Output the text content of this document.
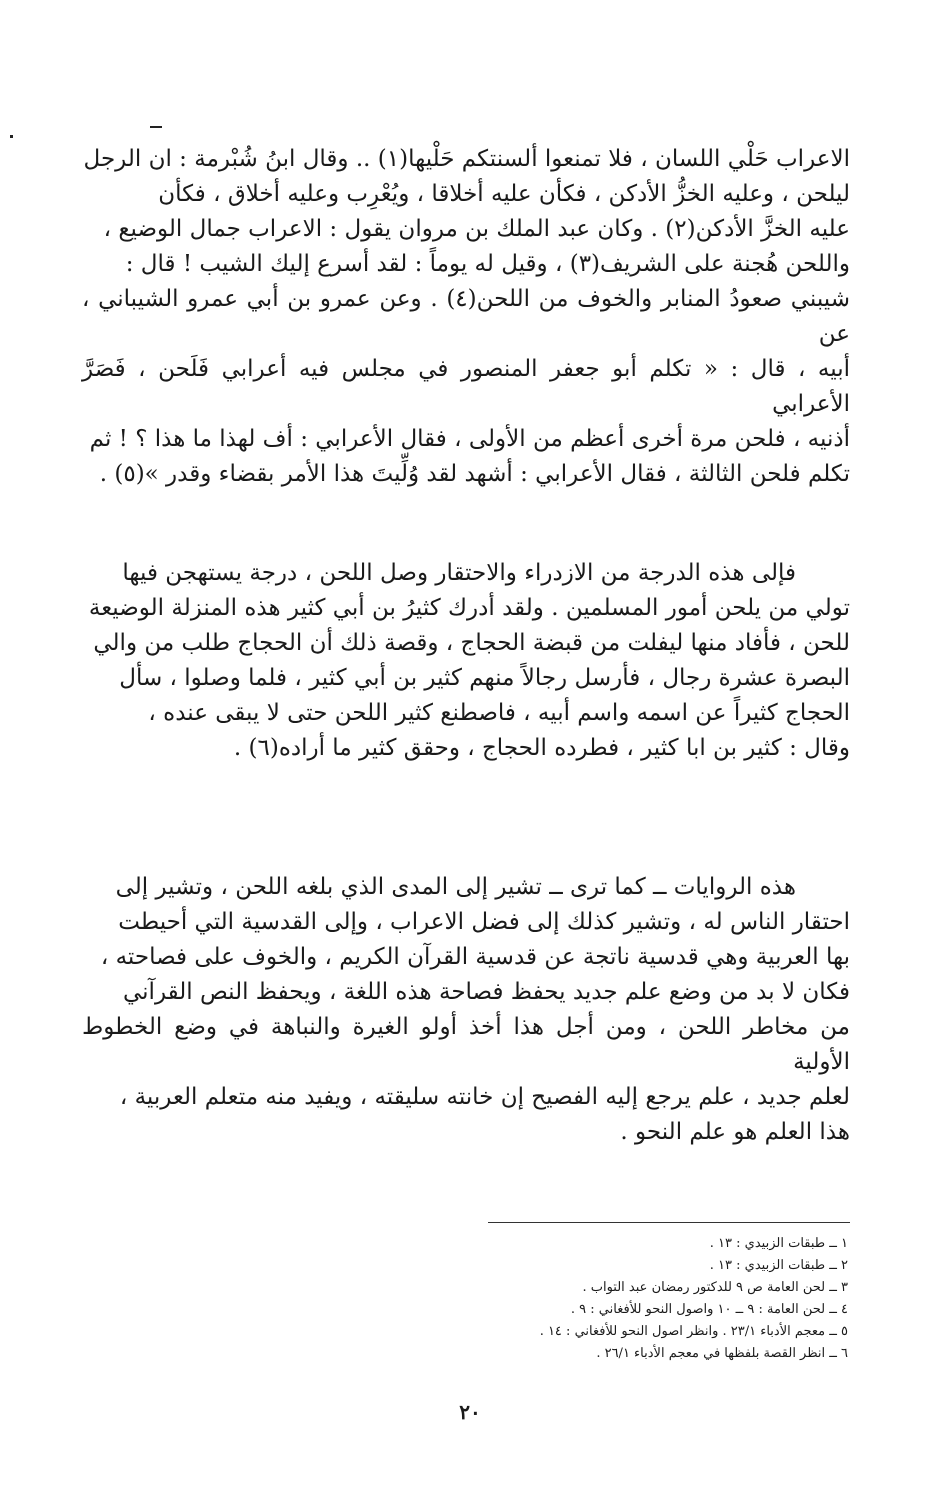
الاعراب حَلْي اللسان ، فلا تمنعوا ألسنتكم حَلْيها(١) .. وقال ابنُ شُبْرمة : ان الرجل
ليلحن ، وعليه الخزُّ الأدكن ، فكأن عليه أخلاقا ، ويُعْرِب وعليه أخلاق ، فكأن
عليه الخزَّ الأدكن(٢) . وكان عبد الملك بن مروان يقول : الاعراب جمال الوضيع ،
واللحن هُجنة على الشريف(٣) ، وقيل له يوماً : لقد أسرع إليك الشيب ! قال :
شيبني صعودُ المنابر والخوف من اللحن(٤) . وعن عمرو بن أبي عمرو الشيباني ، عن
أبيه ، قال : « تكلم أبو جعفر المنصور في مجلس فيه أعرابي فَلَحن ، فَصَرَّ الأعرابي
أذنيه ، فلحن مرة أخرى أعظم من الأولى ، فقال الأعرابي : أف لهذا ما هذا ؟ ! ثم
تكلم فلحن الثالثة ، فقال الأعرابي : أشهد لقد وُلِّيتَ هذا الأمر بقضاء وقدر »(٥) .

فإلى هذه الدرجة من الازدراء والاحتقار وصل اللحن ، درجة يستهجن فيها
تولي من يلحن أمور المسلمين . ولقد أدرك كثيرُ بن أبي كثير هذه المنزلة الوضيعة
للحن ، فأفاد منها ليفلت من قبضة الحجاج ، وقصة ذلك أن الحجاج طلب من والي
البصرة عشرة رجال ، فأرسل رجالاً منهم كثير بن أبي كثير ، فلما وصلوا ، سأل
الحجاج كثيراً عن اسمه واسم أبيه ، فاصطنع كثير اللحن حتى لا يبقى عنده ،
وقال : كثير بن ابا كثير ، فطرده الحجاج ، وحقق كثير ما أراده(٦) .

هذه الروايات ــ كما ترى ــ تشير إلى المدى الذي بلغه اللحن ، وتشير إلى
احتقار الناس له ، وتشير كذلك إلى فضل الاعراب ، وإلى القدسية التي أحيطت
بها العربية وهي قدسية ناتجة عن قدسية القرآن الكريم ، والخوف على فصاحته ،
فكان لا بد من وضع علم جديد يحفظ فصاحة هذه اللغة ، ويحفظ النص القرآني
من مخاطر اللحن ، ومن أجل هذا أخذ أولو الغيرة والنباهة في وضع الخطوط الأولية
لعلم جديد ، علم يرجع إليه الفصيح إن خانته سليقته ، ويفيد منه متعلم العربية ،
هذا العلم هو علم النحو .

١ ــ طبقات الزبيدي : ١٣ .
٢ ــ طبقات الزبيدي : ١٣ .
٣ ــ لحن العامة ص ٩ للدكتور رمضان عبد التواب .
٤ ــ لحن العامة : ٩ ــ ١٠ واصول النحو للأفغاني : ٩ .
٥ ــ معجم الأدباء ٢٣/١ . وانظر اصول النحو للأفغاني : ١٤ .
٦ ــ انظر القصة بلفظها في معجم الأدباء ٢٦/١ .
٢٠
